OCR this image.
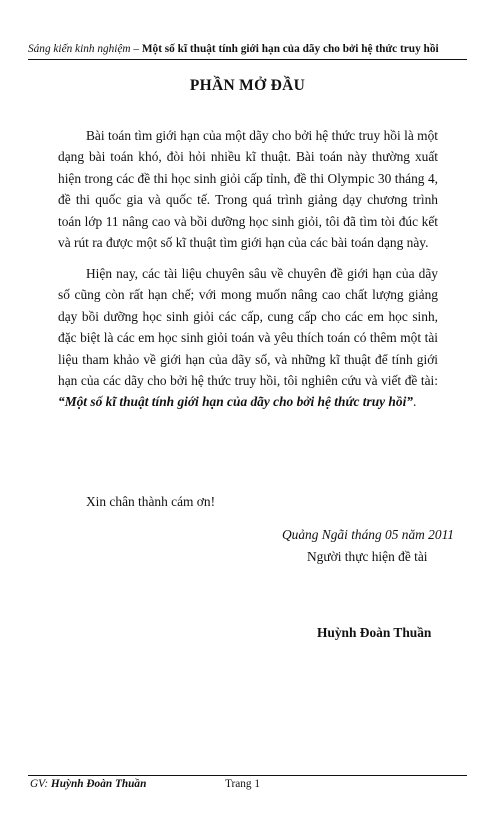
Sáng kiến kinh nghiệm – Một số kĩ thuật tính giới hạn của dãy cho bởi hệ thức truy hồi
PHẦN MỞ ĐẦU

Bài toán tìm giới hạn của một dãy cho bởi hệ thức truy hồi là một dạng bài toán khó, đòi hỏi nhiều kĩ thuật. Bài toán này thường xuất hiện trong các đề thi học sinh giỏi cấp tỉnh, đề thi Olympic 30 tháng 4, đề thi quốc gia và quốc tế. Trong quá trình giảng dạy chương trình toán lớp 11 nâng cao và bồi dưỡng học sinh giỏi, tôi đã tìm tòi đúc kết và rút ra được một số kĩ thuật tìm giới hạn của các bài toán dạng này.

Hiện nay, các tài liệu chuyên sâu về chuyên đề giới hạn của dãy số cũng còn rất hạn chế; với mong muốn nâng cao chất lượng giảng dạy bồi dưỡng học sinh giỏi các cấp, cung cấp cho các em học sinh, đặc biệt là các em học sinh giỏi toán và yêu thích toán có thêm một tài liệu tham khảo về giới hạn của dãy số, và những kĩ thuật để tính giới hạn của các dãy cho bởi hệ thức truy hồi, tôi nghiên cứu và viết đề tài: “Một số kĩ thuật tính giới hạn của dãy cho bởi hệ thức truy hồi”.

Xin chân thành cám ơn!
Quảng Ngãi tháng 05 năm 2011
Người thực hiện đề tài
Huỳnh Đoàn Thuần
GV: Huỳnh Đoàn Thuần	Trang 1
